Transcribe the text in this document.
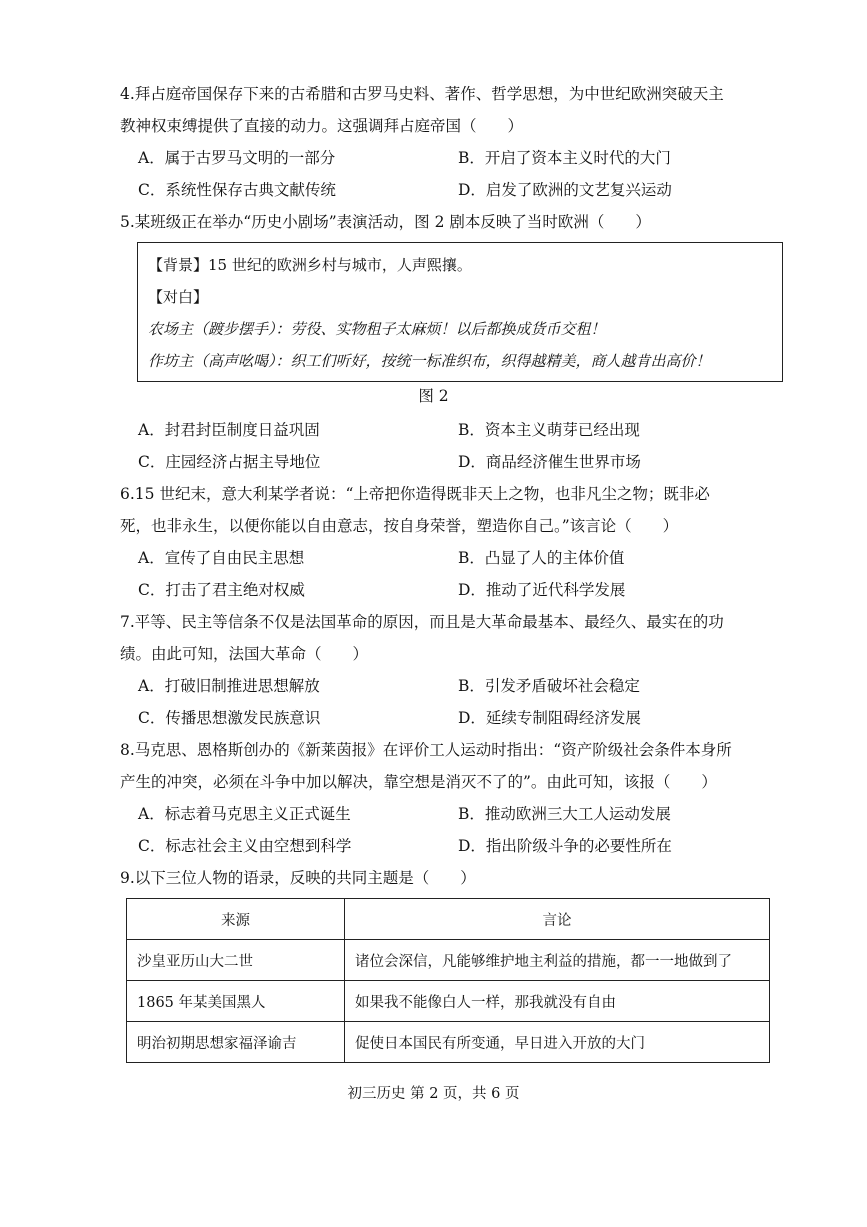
4.拜占庭帝国保存下来的古希腊和古罗马史料、著作、哲学思想，为中世纪欧洲突破天主

教神权束缚提供了直接的动力。这强调拜占庭帝国（　　）

A．属于古罗马文明的一部分	B．开启了资本主义时代的大门
C．系统性保存古典文献传统	D．启发了欧洲的文艺复兴运动

5.某班级正在举办“历史小剧场”表演活动，图 2 剧本反映了当时欧洲（　　）

【背景】15 世纪的欧洲乡村与城市，人声熙攘。
【对白】
农场主（踱步摆手）：劳役、实物租子太麻烦！以后都换成货币交租！
作坊主（高声吆喝）：织工们听好，按统一标准织布，织得越精美，商人越肯出高价！
图 2
A．封君封臣制度日益巩固	B．资本主义萌芽已经出现
C．庄园经济占据主导地位	D．商品经济催生世界市场

6.15 世纪末，意大利某学者说：“上帝把你造得既非天上之物，也非凡尘之物；既非必

死，也非永生，以便你能以自由意志，按自身荣誉，塑造你自己。”该言论（　　）

A．宣传了自由民主思想	B．凸显了人的主体价值
C．打击了君主绝对权威	D．推动了近代科学发展

7.平等、民主等信条不仅是法国革命的原因，而且是大革命最基本、最经久、最实在的功

绩。由此可知，法国大革命（　　）

A．打破旧制推进思想解放	B．引发矛盾破坏社会稳定
C．传播思想激发民族意识	D．延续专制阻碍经济发展

8.马克思、恩格斯创办的《新莱茵报》在评价工人运动时指出：“资产阶级社会条件本身所

产生的冲突，必须在斗争中加以解决，靠空想是消灭不了的”。由此可知，该报（　　）

A．标志着马克思主义正式诞生	B．推动欧洲三大工人运动发展
C．标志社会主义由空想到科学	D．指出阶级斗争的必要性所在

9.以下三位人物的语录，反映的共同主题是（　　）

来源	言论
沙皇亚历山大二世	诸位会深信，凡能够维护地主利益的措施，都一一地做到了
1865 年某美国黑人	如果我不能像白人一样，那我就没有自由
明治初期思想家福泽谕吉	促使日本国民有所变通，早日进入开放的大门
初三历史 第 2 页，共 6 页
